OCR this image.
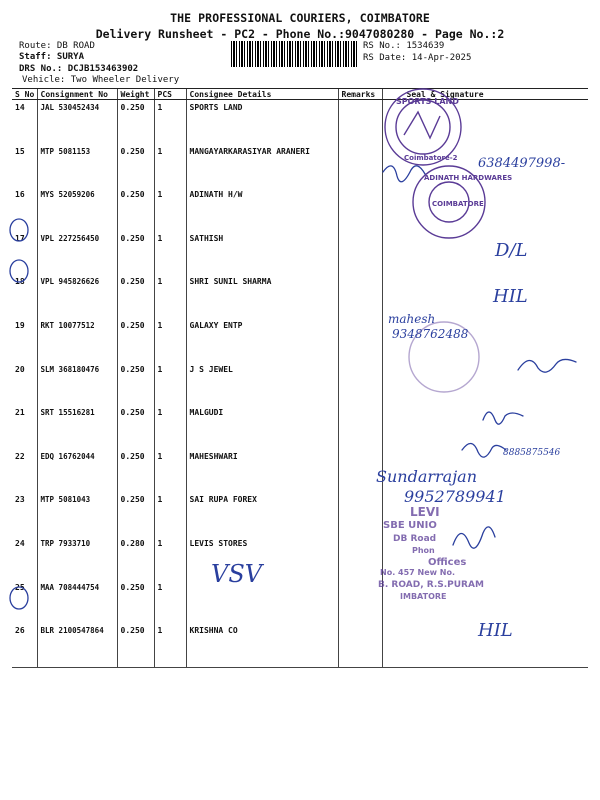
THE PROFESSIONAL COURIERS, COIMBATORE
Delivery Runsheet - PC2 - Phone No.:9047080280 - Page No.:2
Route: DB ROAD
Staff: SURYA
DRS No.: DCJB153463902
Vehicle: Two Wheeler Delivery
RS No.: 1534639
RS Date: 14-Apr-2025
S No	Consignment No	Weight	PCS	Consignee Details	Remarks	Seal & Signature
14	JAL 530452434	0.250	1	SPORTS LAND		
15	MTP 5081153	0.250	1	MANGAYARKARASIYAR ARANERI		
16	MYS 52059206	0.250	1	ADINATH H/W		
17	VPL 227256450	0.250	1	SATHISH		
18	VPL 945826626	0.250	1	SHRI SUNIL SHARMA		
19	RKT 10077512	0.250	1	GALAXY ENTP		
20	SLM 368180476	0.250	1	J S JEWEL		
21	SRT 15516281	0.250	1	MALGUDI		
22	EDQ 16762044	0.250	1	MAHESHWARI		
23	MTP 5081043	0.250	1	SAI RUPA FOREX		
24	TRP 7933710	0.280	1	LEVIS STORES		
25	MAA 708444754	0.250	1			
26	BLR 2100547864	0.250	1	KRISHNA CO		
SPORTS LAND
Coimbatore-2
ADINATH HARDWARES
COIMBATORE
LEVI
SBE UNIO
DB Road
Phon
Offices
No. 457 New No.
B. ROAD, R.S.PURAM
IMBATORE
6384497998-
mahesh
9348762488
8885875546
Sundarrajan
9952789941
VSV
D/L
HIL
HIL
